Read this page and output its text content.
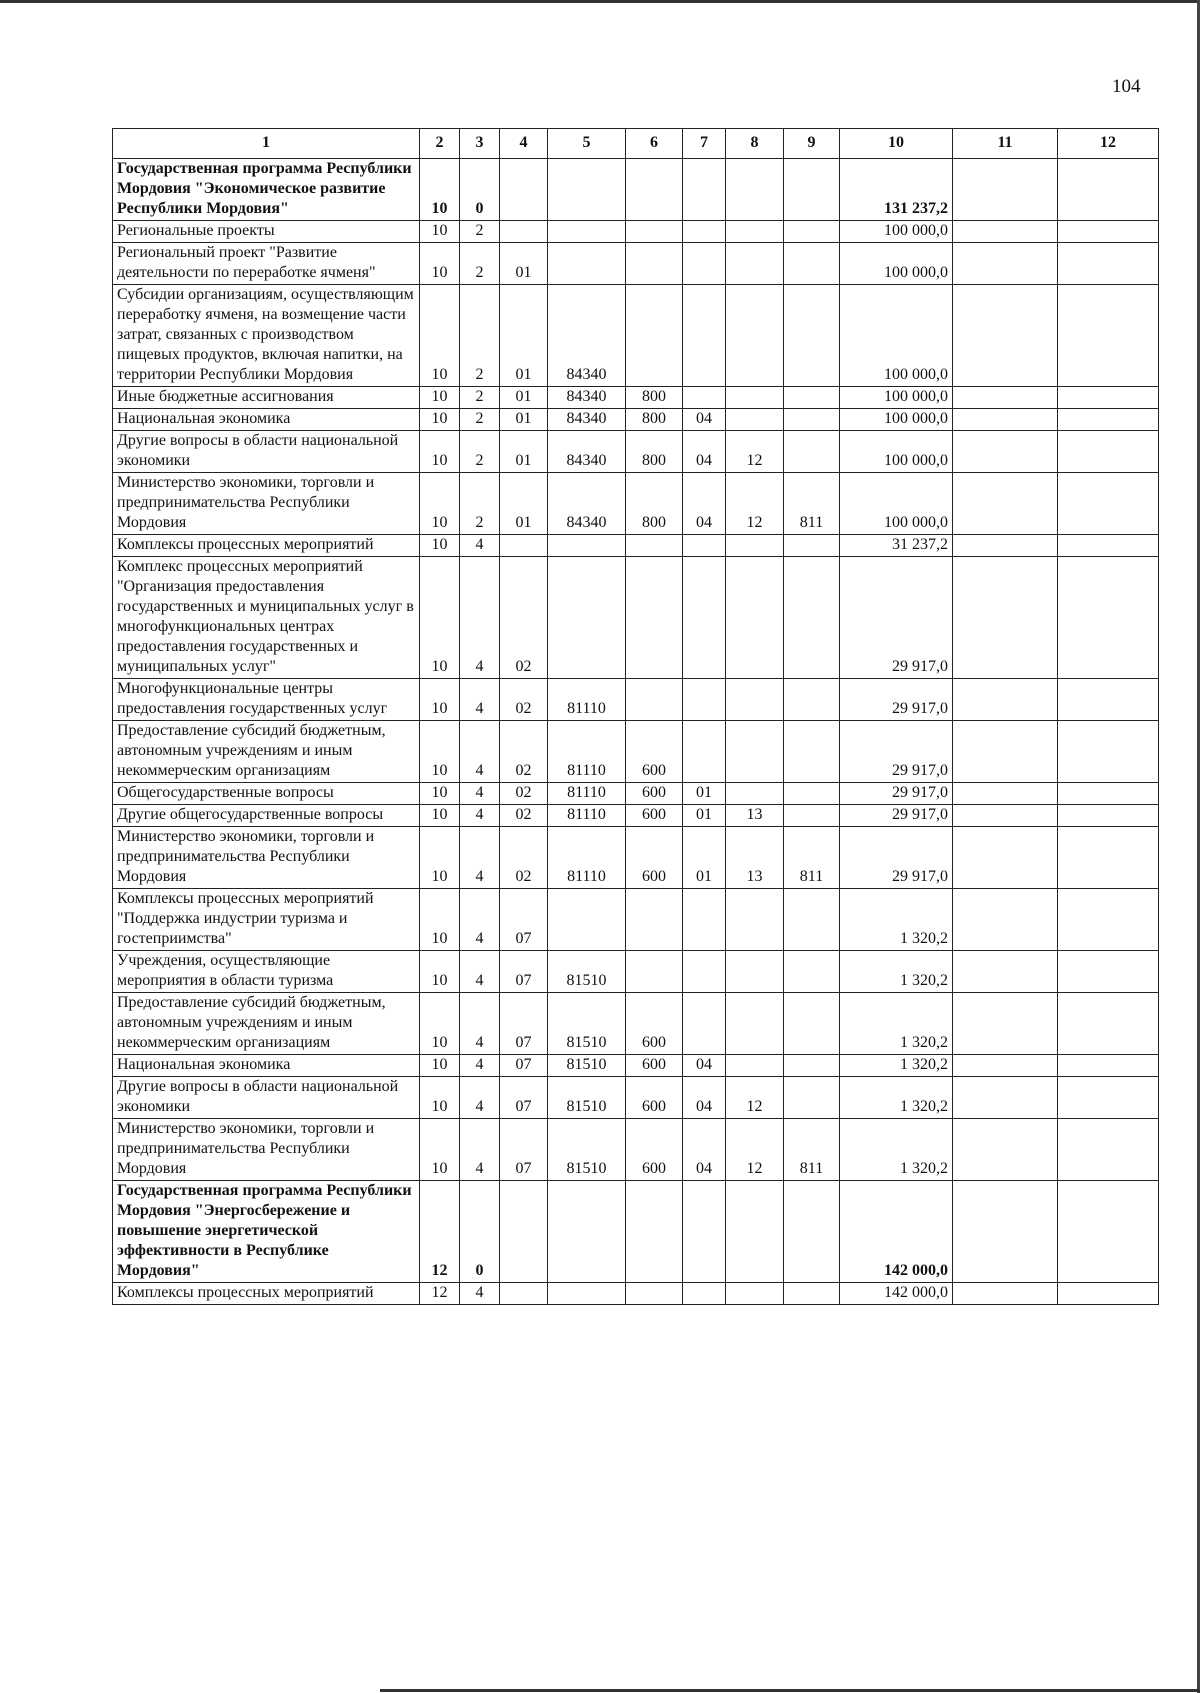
104
1	2	3	4	5	6	7	8	9	10	11	12
Государственная программа Республики Мордовия "Экономическое развитие Республики Мордовия"	10	0							131 237,2		
Региональные проекты	10	2							100 000,0		
Региональный проект "Развитие деятельности по переработке ячменя"	10	2	01						100 000,0		
Субсидии организациям, осуществляющим переработку ячменя, на возмещение части затрат, связанных с производством пищевых продуктов, включая напитки, на территории Республики Мордовия	10	2	01	84340					100 000,0		
Иные бюджетные ассигнования	10	2	01	84340	800				100 000,0		
Национальная экономика	10	2	01	84340	800	04			100 000,0		
Другие вопросы в области национальной экономики	10	2	01	84340	800	04	12		100 000,0		
Министерство экономики, торговли и предпринимательства Республики Мордовия	10	2	01	84340	800	04	12	811	100 000,0		
Комплексы процессных мероприятий	10	4							31 237,2		
Комплекс процессных мероприятий "Организация предоставления государственных и муниципальных услуг в многофункциональных центрах предоставления государственных и муниципальных услуг"	10	4	02						29 917,0		
Многофункциональные центры предоставления государственных услуг	10	4	02	81110					29 917,0		
Предоставление субсидий бюджетным, автономным учреждениям и иным некоммерческим организациям	10	4	02	81110	600				29 917,0		
Общегосударственные вопросы	10	4	02	81110	600	01			29 917,0		
Другие общегосударственные вопросы	10	4	02	81110	600	01	13		29 917,0		
Министерство экономики, торговли и предпринимательства Республики Мордовия	10	4	02	81110	600	01	13	811	29 917,0		
Комплексы процессных мероприятий "Поддержка индустрии туризма и гостеприимства"	10	4	07						1 320,2		
Учреждения, осуществляющие мероприятия в области туризма	10	4	07	81510					1 320,2		
Предоставление субсидий бюджетным, автономным учреждениям и иным некоммерческим организациям	10	4	07	81510	600				1 320,2		
Национальная экономика	10	4	07	81510	600	04			1 320,2		
Другие вопросы в области национальной экономики	10	4	07	81510	600	04	12		1 320,2		
Министерство экономики, торговли и предпринимательства Республики Мордовия	10	4	07	81510	600	04	12	811	1 320,2		
Государственная программа Республики Мордовия "Энергосбережение и повышение энергетической эффективности в Республике Мордовия"	12	0							142 000,0		
Комплексы процессных мероприятий	12	4							142 000,0		
